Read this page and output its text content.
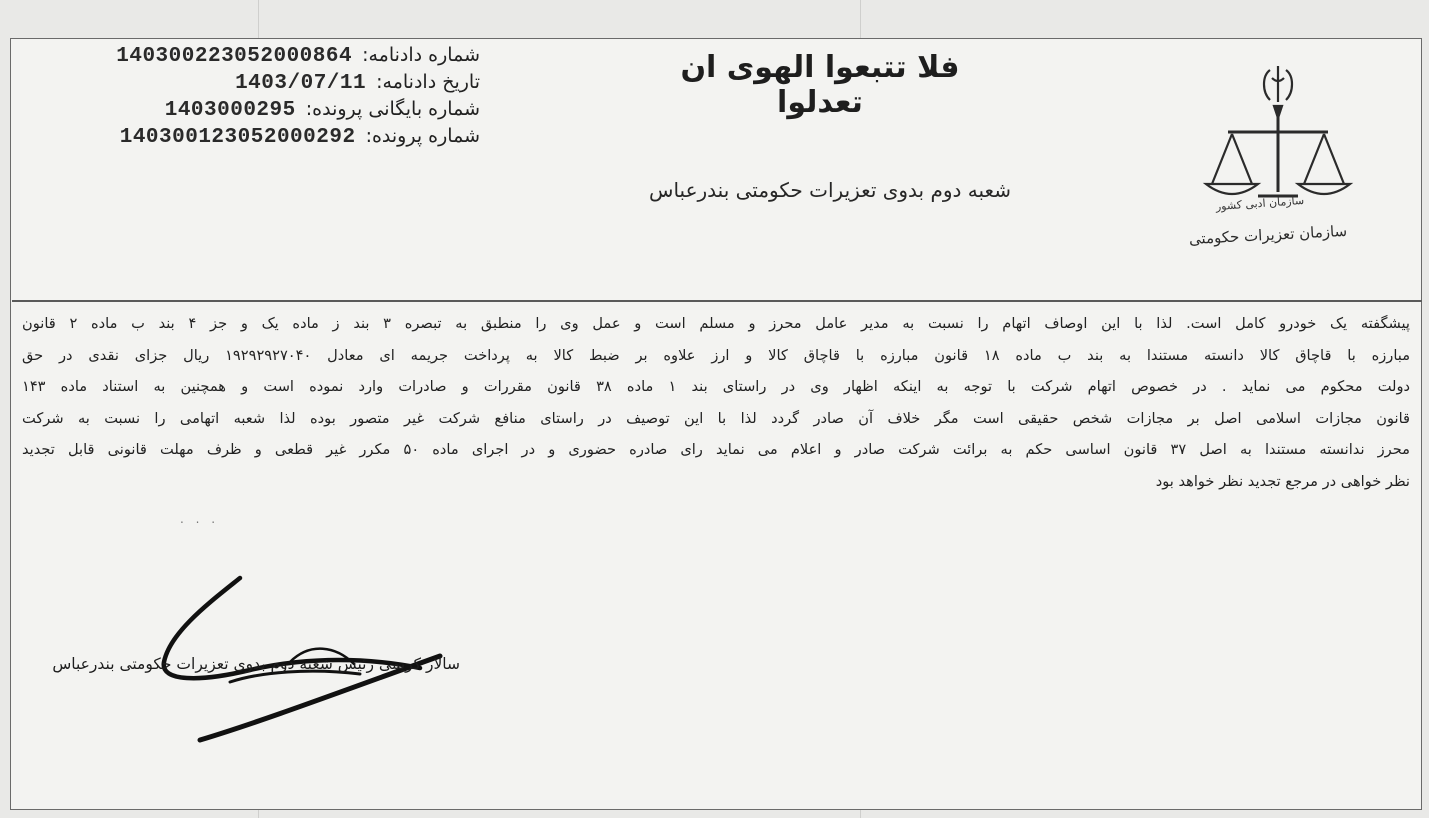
شماره دادنامه:
140300223052000864
تاریخ دادنامه:
1403/07/11
شماره بایگانی پرونده:
1403000295
شماره پرونده:
140300123052000292
فلا تتبعوا الهوی ان تعدلوا
شعبه دوم بدوی تعزیرات حکومتی بندرعباس
سازمان ادبی کشور
سازمان تعزیرات حکومتی
پیشگفته یک خودرو کامل است. لذا با این اوصاف اتهام را نسبت به مدیر عامل محرز و مسلم است و عمل وی را منطبق به تبصره ۳ بند ز ماده یک و جز ۴ بند ب ماده ۲ قانون
مبارزه با قاچاق کالا دانسته مستندا به بند ب ماده ۱۸ قانون مبارزه با قاچاق کالا و ارز علاوه بر ضبط کالا به پرداخت جریمه ای معادل ۱۹۲۹۲۹۲۷۰۴۰ ریال جزای نقدی در حق
دولت محکوم می نماید . در خصوص اتهام شرکت با توجه به اینکه اظهار وی در راستای بند ۱ ماده ۳۸ قانون مقررات و صادرات وارد نموده است و همچنین به استناد ماده ۱۴۳
قانون مجازات اسلامی اصل بر مجازات شخص حقیقی است مگر خلاف آن صادر گردد لذا با این توصیف در راستای منافع شرکت غیر متصور بوده لذا شعبه اتهامی را نسبت به شرکت
محرز ندانسته مستندا به اصل ۳۷ قانون اساسی حکم به برائت شرکت صادر و اعلام می نماید رای صادره حضوری و در اجرای ماده ۵۰ مکرر غیر قطعی و ظرف مهلت قانونی قابل تجدید
نظر خواهی در مرجع تجدید نظر خواهد بود
. . .
سالار کریمی رئیس شعبه دوم بدوی تعزیرات حکومتی بندرعباس
